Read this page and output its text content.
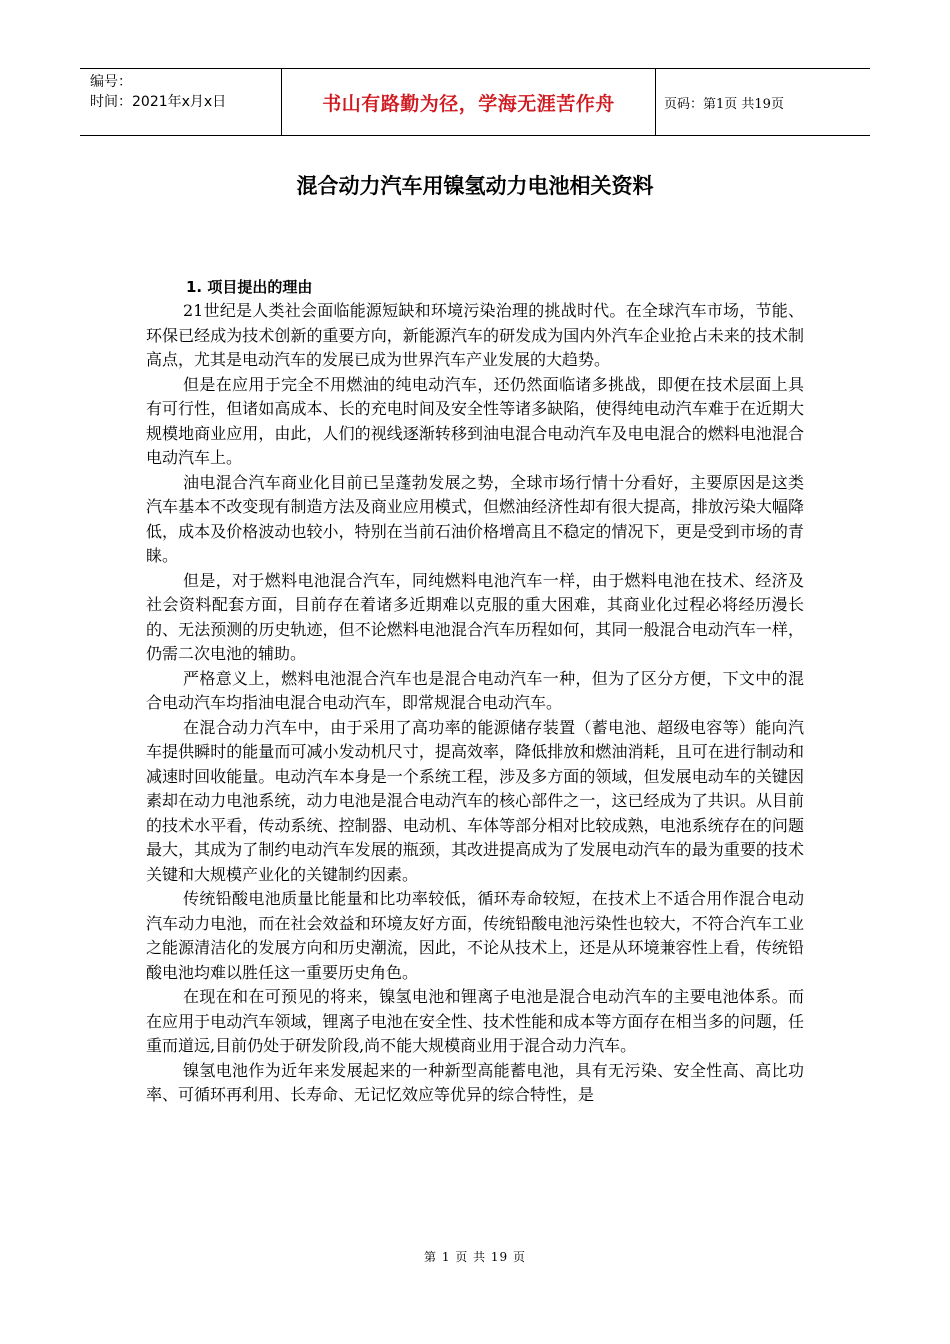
编号：
时间：2021年x月x日	书山有路勤为径，学海无涯苦作舟	页码：第1页 共19页
混合动力汽车用镍氢动力电池相关资料
1. 项目提出的理由

21世纪是人类社会面临能源短缺和环境污染治理的挑战时代。在全球汽车市场，节能、环保已经成为技术创新的重要方向，新能源汽车的研发成为国内外汽车企业抢占未来的技术制高点，尤其是电动汽车的发展已成为世界汽车产业发展的大趋势。

但是在应用于完全不用燃油的纯电动汽车，还仍然面临诸多挑战，即便在技术层面上具有可行性，但诸如高成本、长的充电时间及安全性等诸多缺陷，使得纯电动汽车难于在近期大规模地商业应用，由此，人们的视线逐渐转移到油电混合电动汽车及电电混合的燃料电池混合电动汽车上。

油电混合汽车商业化目前已呈蓬勃发展之势，全球市场行情十分看好，主要原因是这类汽车基本不改变现有制造方法及商业应用模式，但燃油经济性却有很大提高，排放污染大幅降低，成本及价格波动也较小，特别在当前石油价格增高且不稳定的情况下，更是受到市场的青睐。

但是，对于燃料电池混合汽车，同纯燃料电池汽车一样，由于燃料电池在技术、经济及社会资料配套方面，目前存在着诸多近期难以克服的重大困难，其商业化过程必将经历漫长的、无法预测的历史轨迹，但不论燃料电池混合汽车历程如何，其同一般混合电动汽车一样，仍需二次电池的辅助。

严格意义上，燃料电池混合汽车也是混合电动汽车一种，但为了区分方便，下文中的混合电动汽车均指油电混合电动汽车，即常规混合电动汽车。

在混合动力汽车中，由于采用了高功率的能源储存装置（蓄电池、超级电容等）能向汽车提供瞬时的能量而可减小发动机尺寸，提高效率，降低排放和燃油消耗，且可在进行制动和减速时回收能量。电动汽车本身是一个系统工程，涉及多方面的领域，但发展电动车的关键因素却在动力电池系统，动力电池是混合电动汽车的核心部件之一，这已经成为了共识。从目前的技术水平看，传动系统、控制器、电动机、车体等部分相对比较成熟，电池系统存在的问题最大，其成为了制约电动汽车发展的瓶颈，其改进提高成为了发展电动汽车的最为重要的技术关键和大规模产业化的关键制约因素。

传统铅酸电池质量比能量和比功率较低，循环寿命较短，在技术上不适合用作混合电动汽车动力电池，而在社会效益和环境友好方面，传统铅酸电池污染性也较大，不符合汽车工业之能源清洁化的发展方向和历史潮流，因此，不论从技术上，还是从环境兼容性上看，传统铅酸电池均难以胜任这一重要历史角色。

在现在和在可预见的将来，镍氢电池和锂离子电池是混合电动汽车的主要电池体系。而在应用于电动汽车领域，锂离子电池在安全性、技术性能和成本等方面存在相当多的问题，任重而道远,目前仍处于研发阶段,尚不能大规模商业用于混合动力汽车。

镍氢电池作为近年来发展起来的一种新型高能蓄电池，具有无污染、安全性高、高比功率、可循环再利用、长寿命、无记忆效应等优异的综合特性，是

第 1 页 共 19 页
